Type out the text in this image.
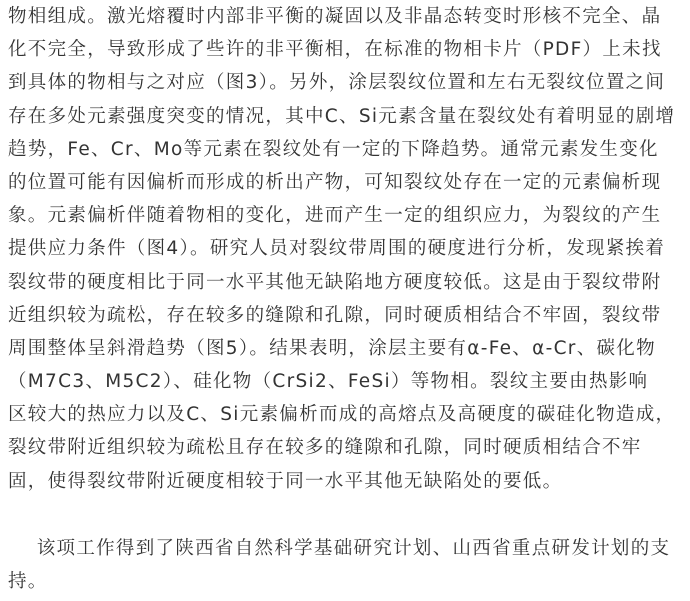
物相组成。激光熔覆时内部非平衡的凝固以及非晶态转变时形核不完全、晶
化不完全，导致形成了些许的非平衡相，在标准的物相卡片（PDF）上未找
到具体的物相与之对应（图3）。另外，涂层裂纹位置和左右无裂纹位置之间
存在多处元素强度突变的情况，其中C、Si元素含量在裂纹处有着明显的剧增
趋势，Fe、Cr、Mo等元素在裂纹处有一定的下降趋势。通常元素发生变化
的位置可能有因偏析而形成的析出产物，可知裂纹处存在一定的元素偏析现
象。元素偏析伴随着物相的变化，进而产生一定的组织应力，为裂纹的产生
提供应力条件（图4）。研究人员对裂纹带周围的硬度进行分析，发现紧挨着
裂纹带的硬度相比于同一水平其他无缺陷地方硬度较低。这是由于裂纹带附
近组织较为疏松，存在较多的缝隙和孔隙，同时硬质相结合不牢固，裂纹带
周围整体呈斜滑趋势（图5）。结果表明，涂层主要有α-Fe、α-Cr、碳化物
（M7C3、M5C2）、硅化物（CrSi2、FeSi）等物相。裂纹主要由热影响
区较大的热应力以及C、Si元素偏析而成的高熔点及高硬度的碳硅化物造成，
裂纹带附近组织较为疏松且存在较多的缝隙和孔隙，同时硬质相结合不牢
固，使得裂纹带附近硬度相较于同一水平其他无缺陷处的要低。
该项工作得到了陕西省自然科学基础研究计划、山西省重点研发计划的支
持。
